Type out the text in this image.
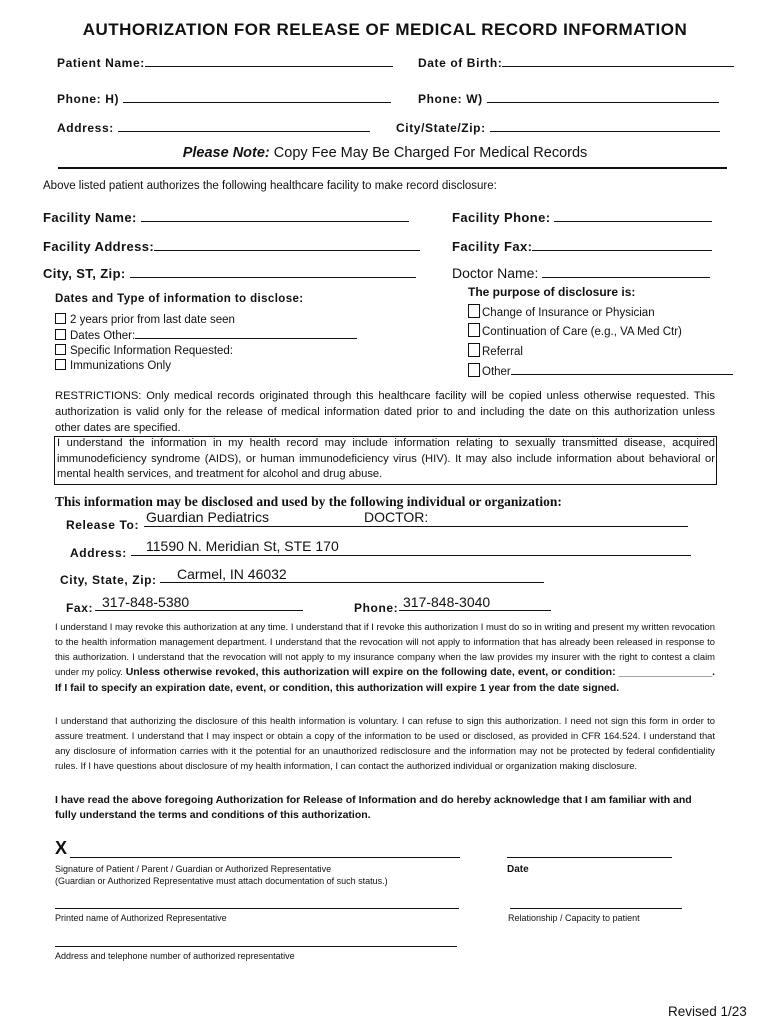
AUTHORIZATION FOR RELEASE OF MEDICAL RECORD INFORMATION
Patient Name:	Date of Birth:
Phone: H)	Phone: W)
Address:	City/State/Zip:
Please Note: Copy Fee May Be Charged For Medical Records
Above listed patient authorizes the following healthcare facility to make record disclosure:
Facility Name:	Facility Phone:
Facility Address:	Facility Fax:
City, ST, Zip:	Doctor Name:
Dates and Type of information to disclose:
2 years prior from last date seen
Dates Other:
Specific Information Requested:
Immunizations Only
The purpose of disclosure is:
Change of Insurance or Physician
Continuation of Care (e.g., VA Med Ctr)
Referral
Other
RESTRICTIONS: Only medical records originated through this healthcare facility will be copied unless otherwise requested. This authorization is valid only for the release of medical information dated prior to and including the date on this authorization unless other dates are specified.
I understand the information in my health record may include information relating to sexually transmitted disease, acquired immunodeficiency syndrome (AIDS), or human immunodeficiency virus (HIV). It may also include information about behavioral or mental health services, and treatment for alcohol and drug abuse.
This information may be disclosed and used by the following individual or organization:
Release To: Guardian Pediatrics	DOCTOR:
Address: 11590 N. Meridian St, STE 170
City, State, Zip: Carmel, IN 46032
Fax: 317-848-5380	Phone: 317-848-3040
I understand I may revoke this authorization at any time. I understand that if I revoke this authorization I must do so in writing and present my written revocation to the health information management department. I understand that the revocation will not apply to information that has already been released in response to this authorization. I understand that the revocation will not apply to my insurance company when the law provides my insurer with the right to contest a claim under my policy. Unless otherwise revoked, this authorization will expire on the following date, event, or condition: ________________. If I fail to specify an expiration date, event, or condition, this authorization will expire 1 year from the date signed.
I understand that authorizing the disclosure of this health information is voluntary. I can refuse to sign this authorization. I need not sign this form in order to assure treatment. I understand that I may inspect or obtain a copy of the information to be used or disclosed, as provided in CFR 164.524. I understand that any disclosure of information carries with it the potential for an unauthorized redisclosure and the information may not be protected by federal confidentiality rules. If I have questions about disclosure of my health information, I can contact the authorized individual or organization making disclosure.
I have read the above foregoing Authorization for Release of Information and do hereby acknowledge that I am familiar with and fully understand the terms and conditions of this authorization.
X
Signature of Patient / Parent / Guardian or Authorized Representative
(Guardian or Authorized Representative must attach documentation of such status.)
Date
Printed name of Authorized Representative	Relationship / Capacity to patient
Address and telephone number of authorized representative
Revised 1/23
